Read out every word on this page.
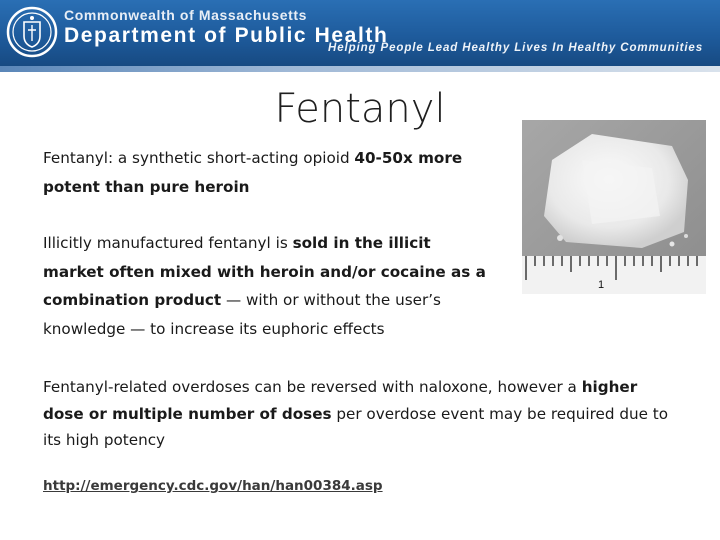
Commonwealth of Massachusetts
Department of Public Health
Helping People Lead Healthy Lives In Healthy Communities
Fentanyl
Fentanyl: a synthetic short-acting opioid 40-50x more potent than pure heroin
Illicitly manufactured fentanyl is sold in the illicit market often mixed with heroin and/or cocaine as a combination product — with or without the user’s knowledge — to increase its euphoric effects
Fentanyl-related overdoses can be reversed with naloxone, however a higher dose or multiple number of doses per overdose event may be required due to its high potency
http://emergency.cdc.gov/han/han00384.asp
1
